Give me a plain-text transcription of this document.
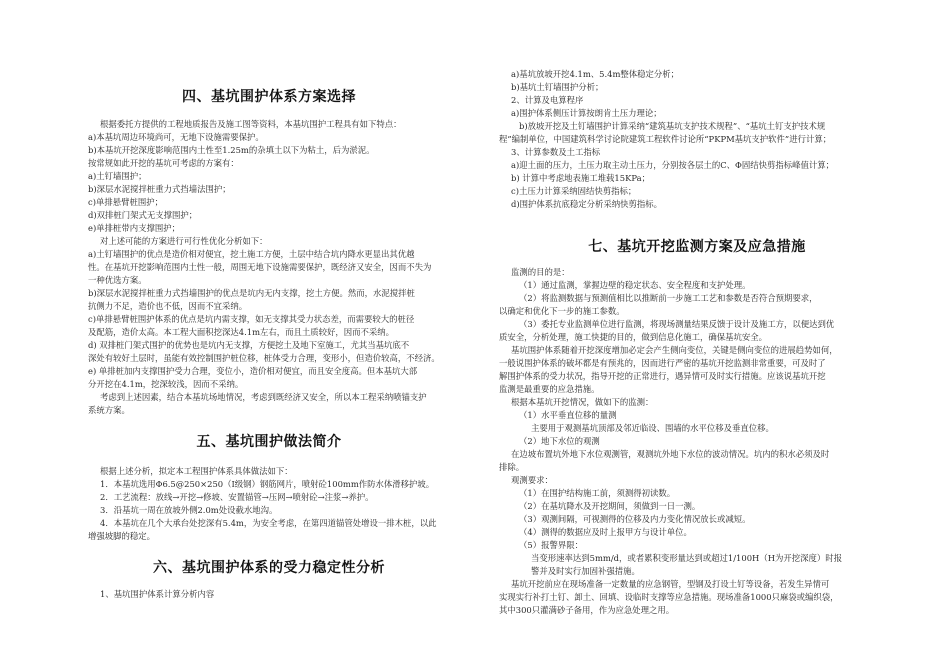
四、基坑围护体系方案选择
根据委托方提供的工程地质报告及施工图等资料，本基坑围护工程具有如下特点：
a)本基坑周边环境尚可，无地下设施需要保护。
b)本基坑开挖深度影响范围内土性至1.25m的杂填土以下为粘土，后为淤泥。
按常规如此开挖的基坑可考虑的方案有：
a)土钉墙围护；
b)深层水泥搅拌桩重力式挡墙法围护；
c)单排悬臂桩围护；
d)双排桩门架式无支撑围护；
e)单排桩带内支撑围护；
对上述可能的方案进行可行性优化分析如下：
a)土钉墙围护的优点是造价相对便宜，挖土施工方便，土层中结合坑内降水更显出其优越
性。在基坑开挖影响范围内土性一般，周围无地下设施需要保护，既经济又安全，因而不失为
一种优选方案。
b)深层水泥搅拌桩重力式挡墙围护的优点是坑内无内支撑，挖土方便。然而，水泥搅拌桩
抗侧力不足，造价也不低，因而不宜采纳。
c)单排悬臂桩围护体系的优点是坑内需支撑，如无支撑其受力状态差，而需要较大的桩径
及配筋，造价太高。本工程大面积挖深达4.1m左右，而且土质较好，因而不采纳。
d) 双排桩门架式围护的优势也是坑内无支撑，方便挖土及地下室施工，尤其当基坑底不
深处有较好土层时，虽能有效控制围护桩位移，桩体受力合理，变形小，但造价较高，不经济。
e) 单排桩加内支撑围护受力合理，变位小，造价相对便宜，而且安全度高。但本基坑大部
分开挖在4.1m，挖深较浅，因而不采纳。
考虑到上述因素，结合本基坑场地情况，考虑到既经济又安全，所以本工程采纳喷锚支护
系统方案。
五、基坑围护做法简介
根据上述分析，拟定本工程围护体系具体做法如下：
1．本基坑选用Φ6.5@250×250（Ⅰ级钢）钢筋网片，喷射砼100mm作防水体滑移护坡。
2．工艺流程：放线→开挖→修坡、安置锚管→压网→喷射砼→注浆→养护。
3．沿基坑一周在放坡外侧2.0m处设截水地沟。
4．本基坑在几个大承台处挖深有5.4m，为安全考虑，在第四道锚管处增设一排木桩，以此
增强坡脚的稳定。
六、基坑围护体系的受力稳定性分析
1、基坑围护体系计算分析内容
a)基坑放坡开挖4.1m、5.4m整体稳定分析；
b)基坑土钉墙围护分析；
2、计算及电算程序
a)围护体系侧压计算按朗肯土压力理论；
b)放坡开挖及土钉墙围护计算采纳“建筑基坑支护技术规程”、“基坑土钉支护技术规
程”编制单位，中国建筑科学讨论院建筑工程软件讨论所“PKPM基坑支护软件”进行计算；
3、计算参数及土工指标
a)迎土面的压力，土压力取主动土压力，分别按各层土的C、Φ固结快剪指标峰值计算；
b) 计算中考虑地表施工堆载15KPa；
c)土压力计算采纳固结快剪指标；
d)围护体系抗底稳定分析采纳快剪指标。
七、基坑开挖监测方案及应急措施
监测的目的是：
（1）通过监测，掌握边壁的稳定状态、安全程度和支护处理。
（2）将监测数据与预测值相比以推断前一步施工工艺和参数是否符合预期要求，
以确定和优化下一步的施工参数。
（3）委托专业监测单位进行监测，将现场测量结果反馈于设计及施工方，以便达到优
质安全，分析处理，施工快捷的目的，做到信息化施工，确保基坑安全。
基坑围护体系随着开挖深度增加必定会产生侧向变位，关键是侧向变位的进展趋势如何，
一般说围护体系的破坏都是有预兆的，因而进行严密的基坑开挖监测非常重要，可及时了
解围护体系的受力状况，指导开挖的正常进行，遇异情可及时实行措施。应该说基坑开挖
监测是最重要的应急措施。
根据本基坑开挖情况，做如下的监测：
（1）水平垂直位移的量测
主要用于观测基坑顶部及邻近临设、围墙的水平位移及垂直位移。
（2）地下水位的观测
在边坡布置坑外地下水位观测管，观测坑外地下水位的波动情况。坑内的积水必须及时
排除。
观测要求：
（1）在围护结构施工前，须测得初读数。
（2）在基坑降水及开挖期间，须做到一日一测。
（3）观测间隔，可视测得的位移及内力变化情况放长或减短。
（4）测得的数据应及时上报甲方与设计单位。
（5）报警界限：
当变形速率达到5mm/d，或者累积变形量达到或超过1/100H（H为开挖深度）时报
警并及时实行加固补强措施。
基坑开挖前应在现场准备一定数量的应急钢管，型钢及打设土钉等设备，若发生异情可
实现实行补打土钉、卸土、回填、设临时支撑等应急措施。现场准备1000只麻袋或编织袋，
其中300只灌满砂子备用，作为应急处理之用。
